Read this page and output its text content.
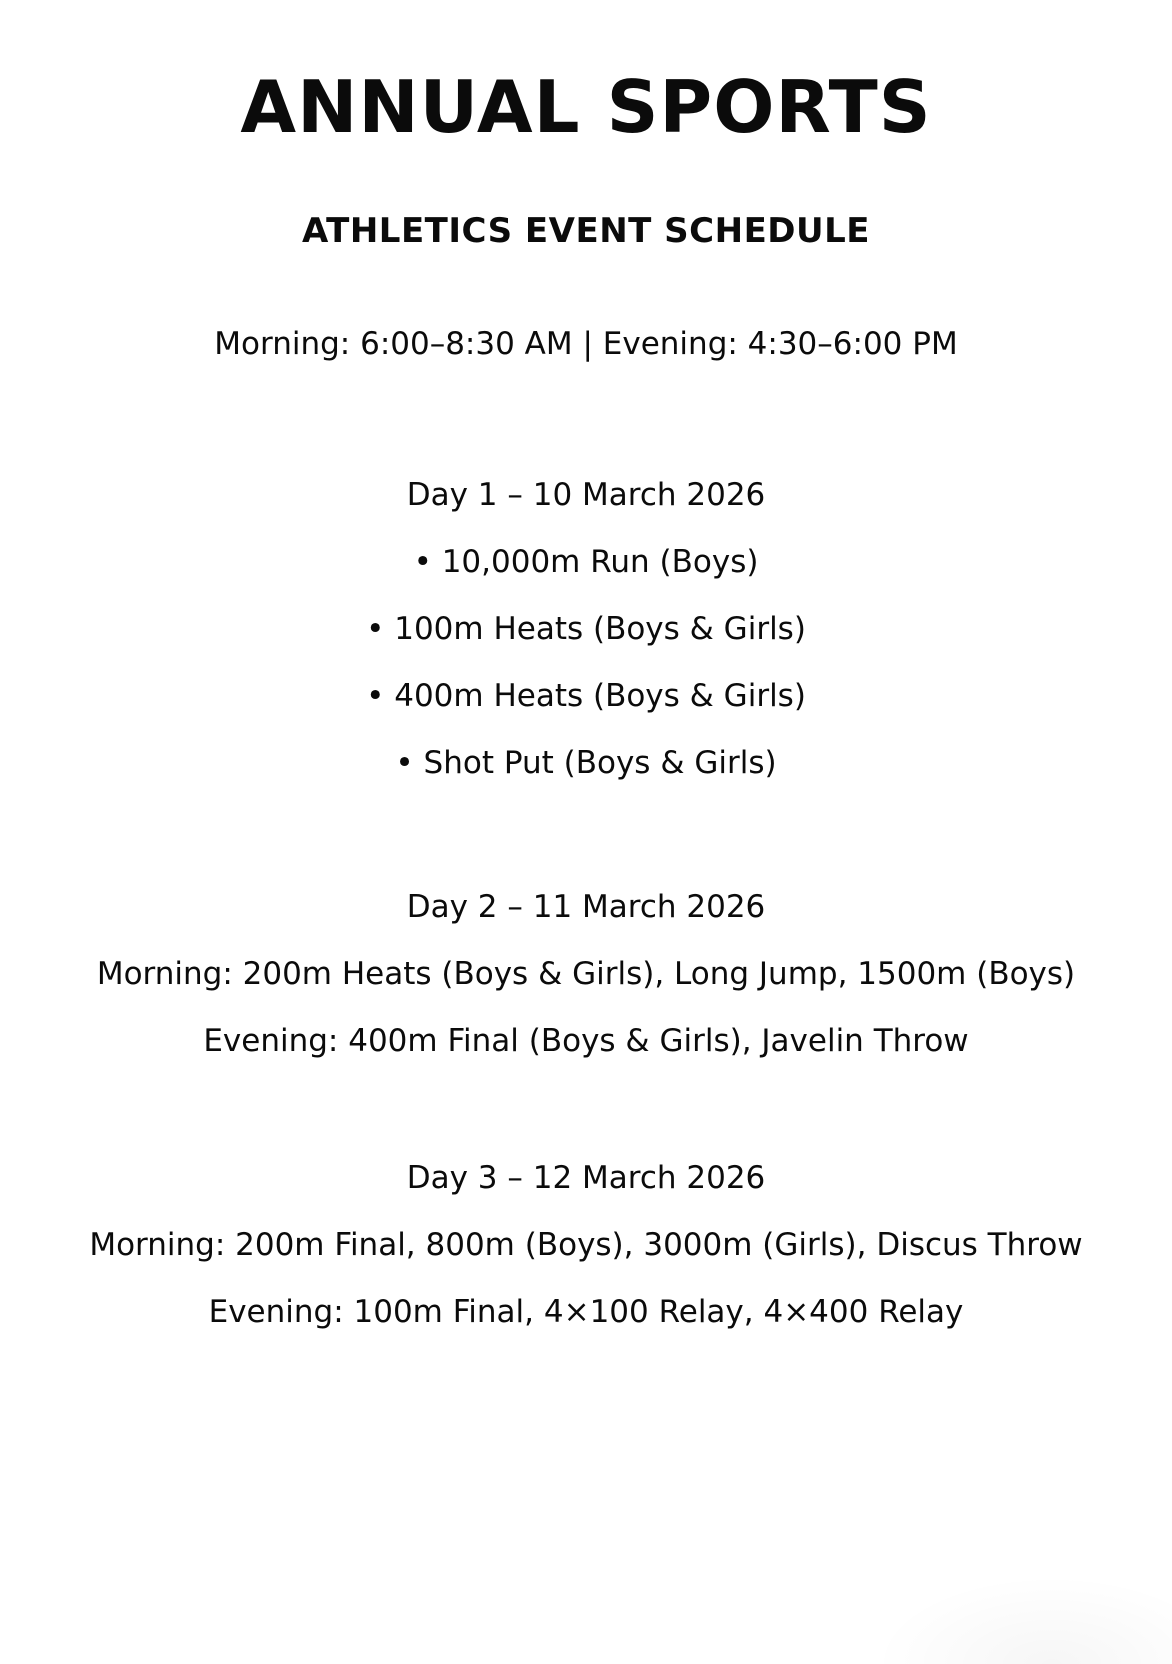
ANNUAL SPORTS
ATHLETICS EVENT SCHEDULE
Morning: 6:00–8:30 AM | Evening: 4:30–6:00 PM
Day 1 – 10 March 2026
• 10,000m Run (Boys)
• 100m Heats (Boys & Girls)
• 400m Heats (Boys & Girls)
• Shot Put (Boys & Girls)
Day 2 – 11 March 2026
Morning: 200m Heats (Boys & Girls), Long Jump, 1500m (Boys)
Evening: 400m Final (Boys & Girls), Javelin Throw
Day 3 – 12 March 2026
Morning: 200m Final, 800m (Boys), 3000m (Girls), Discus Throw
Evening: 100m Final, 4×100 Relay, 4×400 Relay
